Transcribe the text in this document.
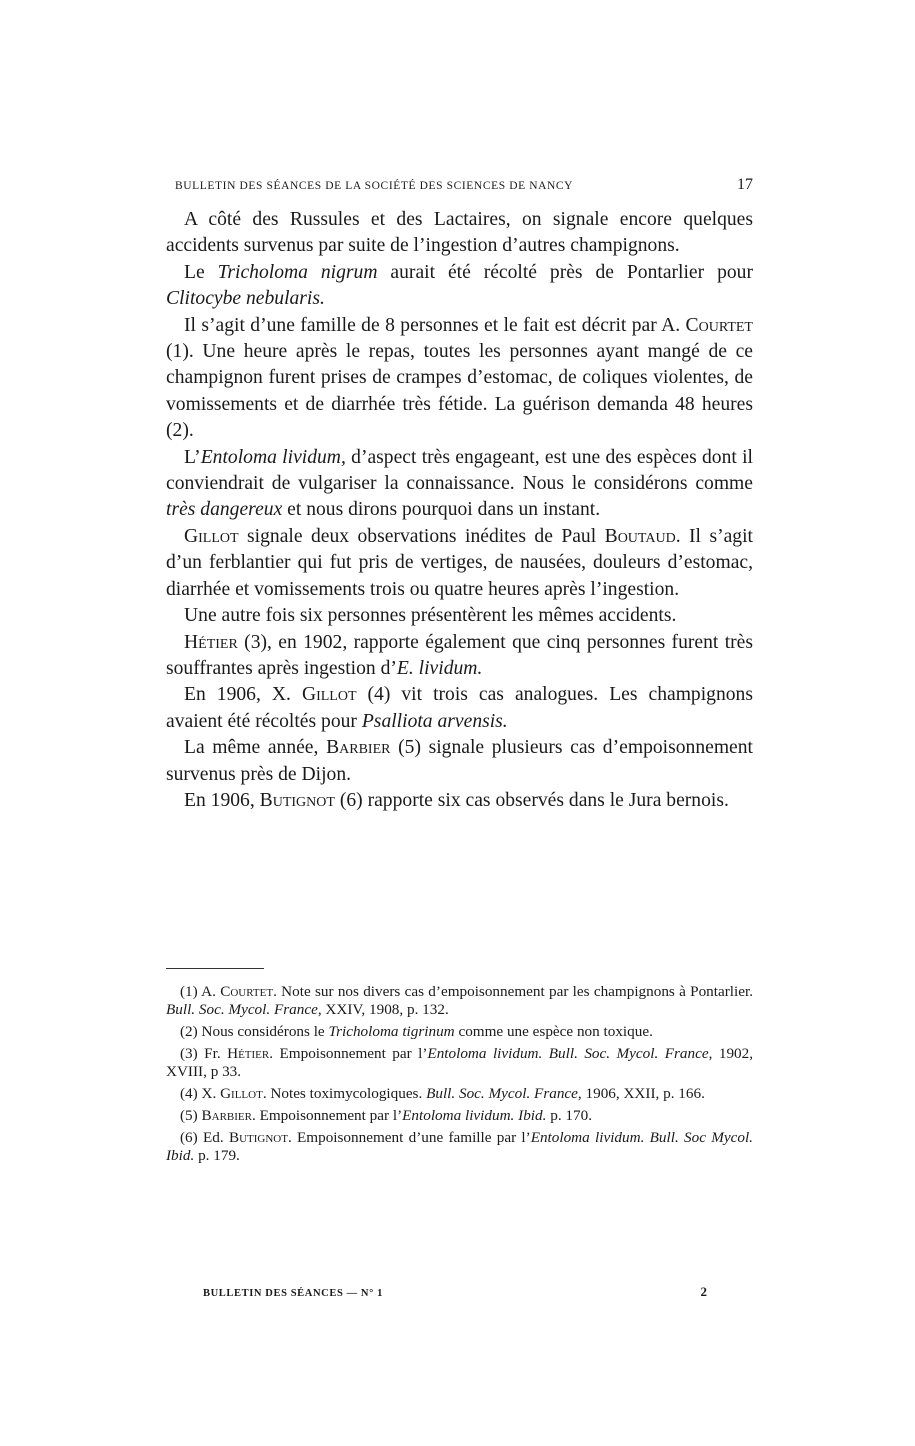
BULLETIN DES SÉANCES DE LA SOCIÉTÉ DES SCIENCES DE NANCY	17

A côté des Russules et des Lactaires, on signale encore quelques accidents survenus par suite de l’ingestion d’autres champignons.

Le Tricholoma nigrum aurait été récolté près de Pontarlier pour Clitocybe nebularis.

Il s’agit d’une famille de 8 personnes et le fait est décrit par A. Courtet (1). Une heure après le repas, toutes les personnes ayant mangé de ce champignon furent prises de crampes d’estomac, de coliques violentes, de vomissements et de diarrhée très fétide. La guérison demanda 48 heures (2).

L’Entoloma lividum, d’aspect très engageant, est une des espèces dont il conviendrait de vulgariser la connaissance. Nous le considérons comme très dangereux et nous dirons pourquoi dans un instant.

Gillot signale deux observations inédites de Paul Boutaud. Il s’agit d’un ferblantier qui fut pris de vertiges, de nausées, douleurs d’estomac, diarrhée et vomissements trois ou quatre heures après l’ingestion.

Une autre fois six personnes présentèrent les mêmes accidents.

Hétier (3), en 1902, rapporte également que cinq personnes furent très souffrantes après ingestion d’E. lividum.

En 1906, X. Gillot (4) vit trois cas analogues. Les champignons avaient été récoltés pour Psalliota arvensis.

La même année, Barbier (5) signale plusieurs cas d’empoisonnement survenus près de Dijon.

En 1906, Butignot (6) rapporte six cas observés dans le Jura bernois.

(1) A. Courtet. Note sur nos divers cas d’empoisonnement par les champignons à Pontarlier. Bull. Soc. Mycol. France, XXIV, 1908, p. 132.

(2) Nous considérons le Tricholoma tigrinum comme une espèce non toxique.

(3) Fr. Hétier. Empoisonnement par l’Entoloma lividum. Bull. Soc. Mycol. France, 1902, XVIII, p 33.

(4) X. Gillot. Notes toximycologiques. Bull. Soc. Mycol. France, 1906, XXII, p. 166.

(5) Barbier. Empoisonnement par l’Entoloma lividum. Ibid. p. 170.

(6) Ed. Butignot. Empoisonnement d’une famille par l’Entoloma lividum. Bull. Soc Mycol. Ibid. p. 179.

BULLETIN DES SÉANCES — N° 1	2
